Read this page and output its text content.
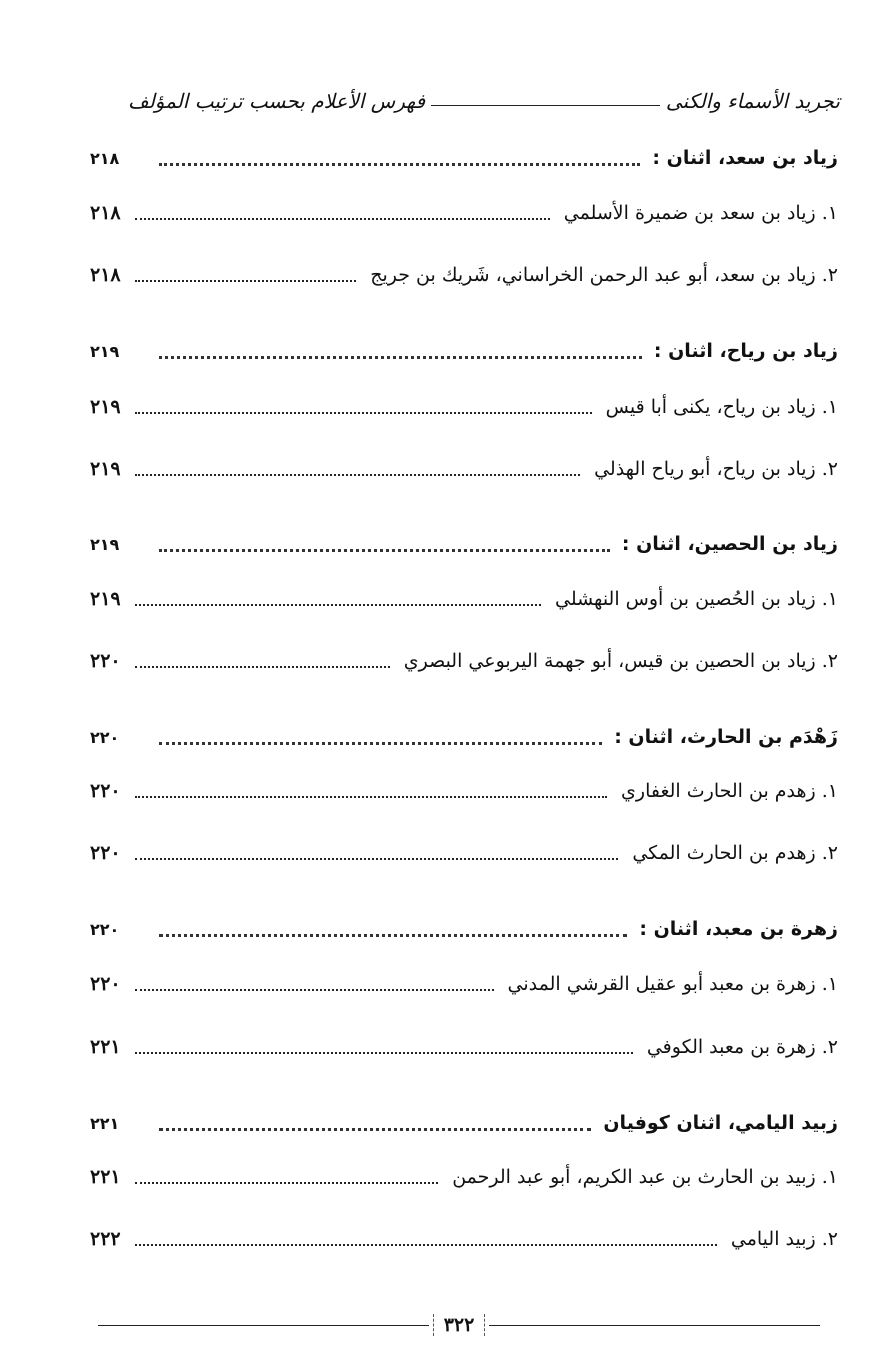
تجريد الأسماء والكنى
فهرس الأعلام بحسب ترتيب المؤلف
زياد بن سعد، اثنان :
٢١٨
١. زياد بن سعد بن ضميرة الأسلمي
٢١٨
٢. زياد بن سعد، أبو عبد الرحمن الخراساني، شَريك بن جريج
٢١٨
زياد بن رياح، اثنان :
٢١٩
١. زياد بن رياح، يكنى أبا قيس
٢١٩
٢. زياد بن رياح، أبو رياح الهذلي
٢١٩
زياد بن الحصين، اثنان :
٢١٩
١. زياد بن الحُصين بن أوس النهشلي
٢١٩
٢. زياد بن الحصين بن قيس، أبو جهمة اليربوعي البصري
٢٢٠
زَهْدَم بن الحارث، اثنان :
٢٢٠
١. زهدم بن الحارث الغفاري
٢٢٠
٢. زهدم بن الحارث المكي
٢٢٠
زهرة بن معبد، اثنان :
٢٢٠
١. زهرة بن معبد أبو عقيل القرشي المدني
٢٢٠
٢. زهرة بن معبد الكوفي
٢٢١
زبيد اليامي، اثنان كوفيان
٢٢١
١. زبيد بن الحارث بن عبد الكريم، أبو عبد الرحمن
٢٢١
٢. زبيد اليامي
٢٢٢
٣٢٢
